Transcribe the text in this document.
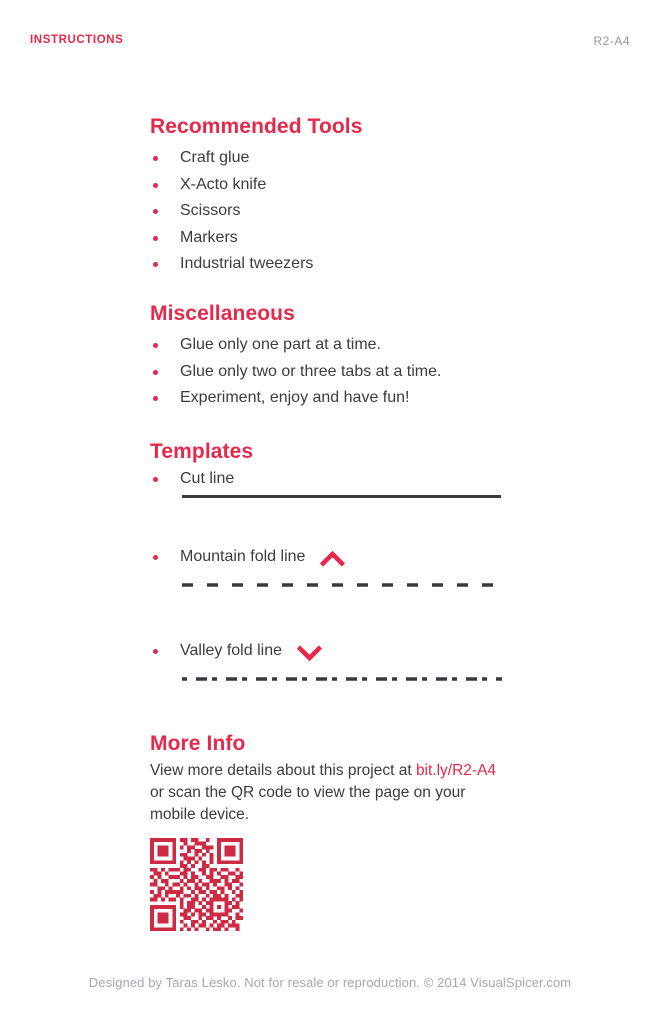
INSTRUCTIONS	R2-A4
Recommended Tools
Craft glue
X-Acto knife
Scissors
Markers
Industrial tweezers
Miscellaneous
Glue only one part at a time.
Glue only two or three tabs at a time.
Experiment, enjoy and have fun!
Templates
Cut line
Mountain fold line
Valley fold line
More Info
View more details about this project at bit.ly/R2-A4
or scan the QR code to view the page on your mobile device.
Designed by Taras Lesko. Not for resale or reproduction. © 2014 VisualSpicer.com
